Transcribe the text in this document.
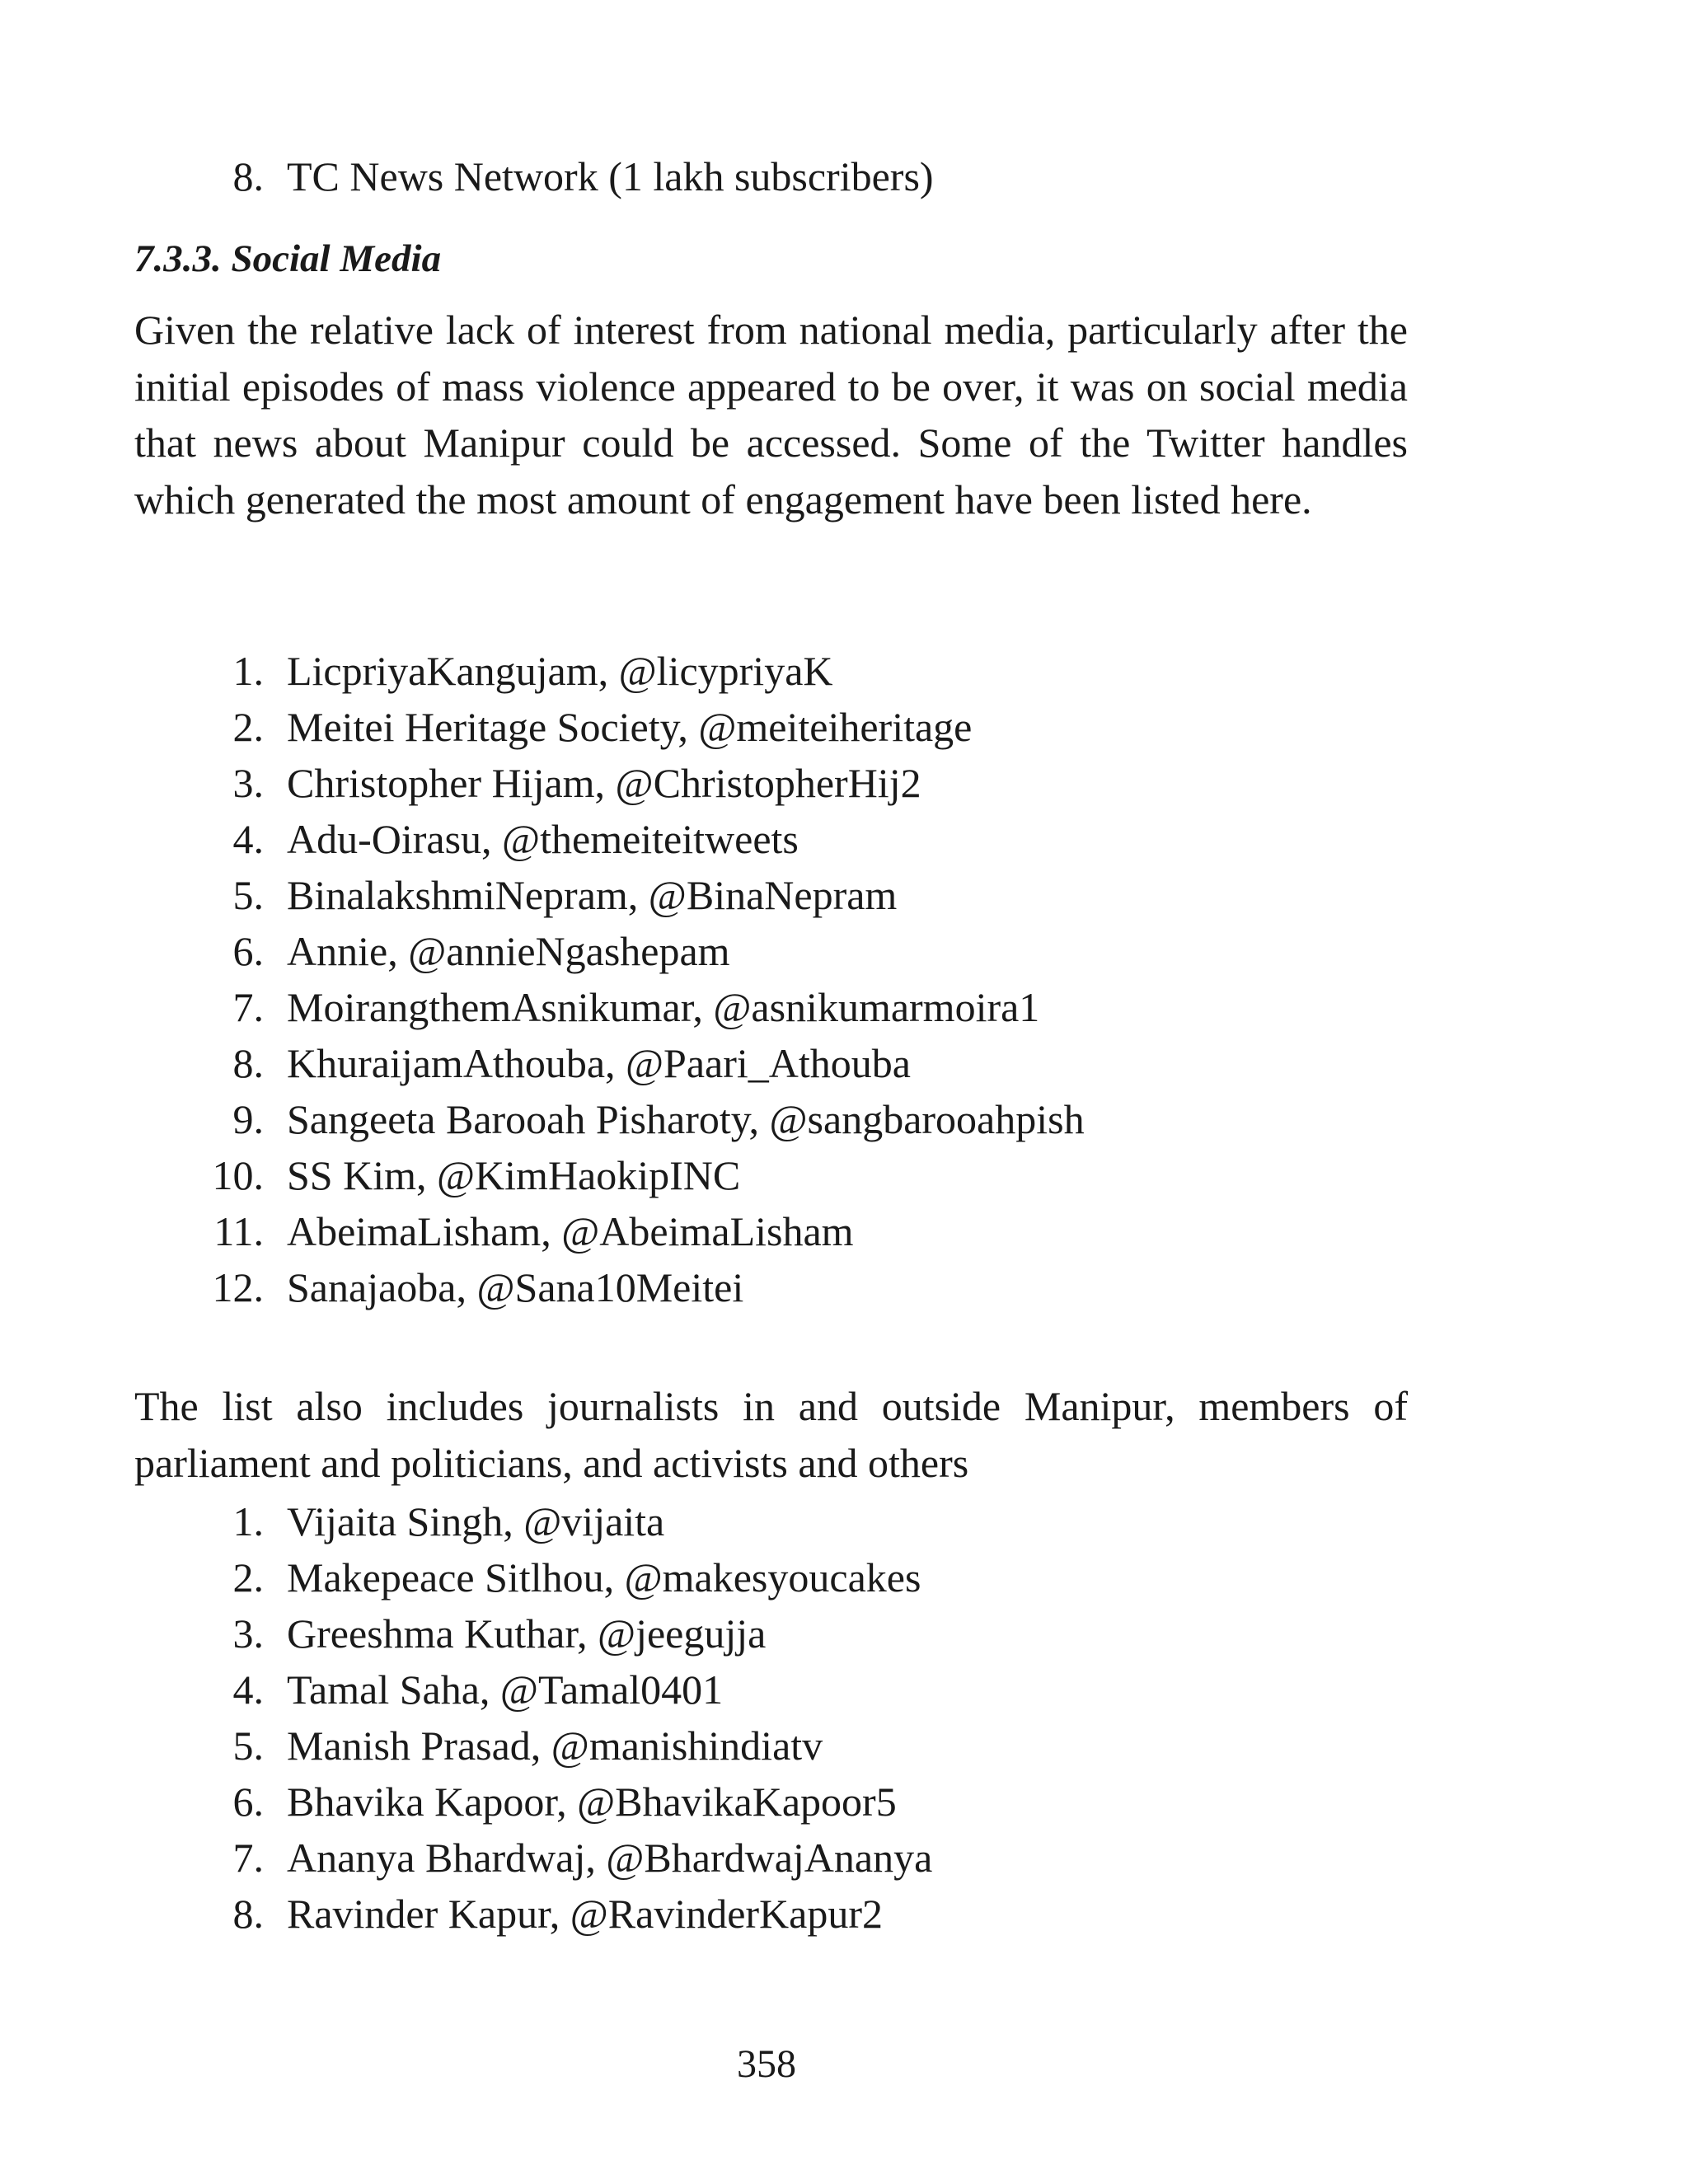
8. TC News Network (1 lakh subscribers)
7.3.3. Social Media

Given the relative lack of interest from national media, particularly after the initial episodes of mass violence appeared to be over, it was on social media that news about Manipur could be accessed. Some of the Twitter handles which generated the most amount of engagement have been listed here.

1. LicpriyaKangujam, @licypriyaK
2. Meitei Heritage Society, @meiteiheritage
3. Christopher Hijam, @ChristopherHij2
4. Adu-Oirasu, @themeiteitweets
5. BinalakshmiNepram, @BinaNepram
6. Annie, @annieNgashepam
7. MoirangthemAsnikumar, @asnikumarmoira1
8. KhuraijamAthouba, @Paari_Athouba
9. Sangeeta Barooah Pisharoty, @sangbarooahpish
10. SS Kim, @KimHaokipINC
11. AbeimaLisham, @AbeimaLisham
12. Sanajaoba, @Sana10Meitei

The list also includes journalists in and outside Manipur, members of parliament and politicians, and activists and others

1. Vijaita Singh, @vijaita
2. Makepeace Sitlhou, @makesyoucakes
3. Greeshma Kuthar, @jeegujja
4. Tamal Saha, @Tamal0401
5. Manish Prasad, @manishindiatv
6. Bhavika Kapoor, @BhavikaKapoor5
7. Ananya Bhardwaj, @BhardwajAnanya
8. Ravinder Kapur, @RavinderKapur2
358
